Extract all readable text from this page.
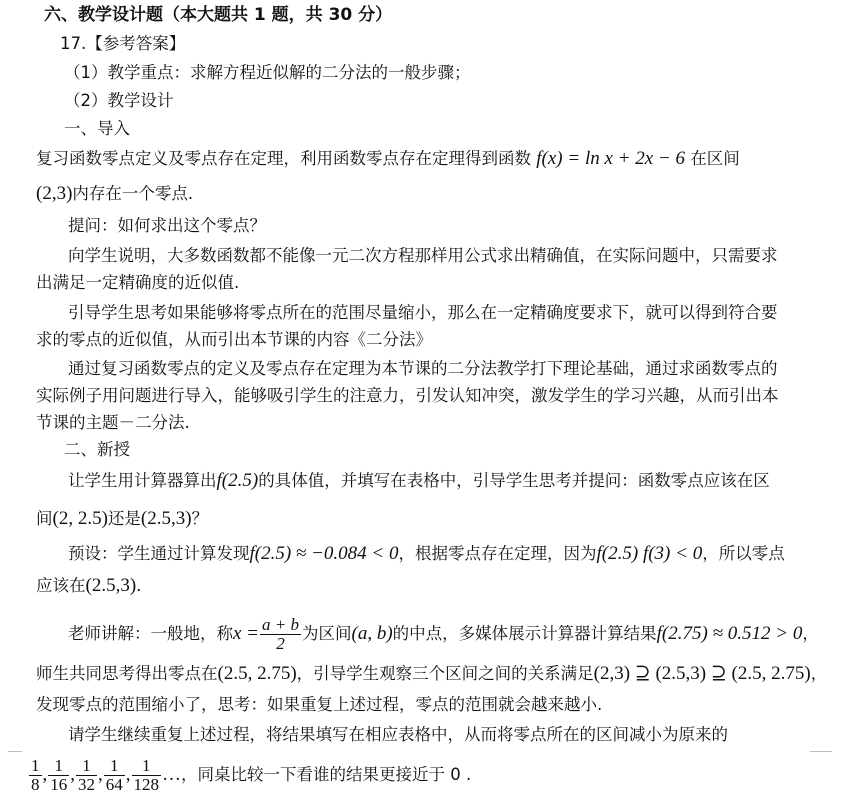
六、教学设计题（本大题共 1 题，共 30 分）
17.【参考答案】
（1）教学重点：求解方程近似解的二分法的一般步骤；
（2）教学设计
一、导入
复习函数零点定义及零点存在定理，利用函数零点存在定理得到函数 f(x) = ln x + 2x − 6 在区间
(2,3)内存在一个零点.
提问：如何求出这个零点？
向学生说明，大多数函数都不能像一元二次方程那样用公式求出精确值，在实际问题中，只需要求
出满足一定精确度的近似值.
引导学生思考如果能够将零点所在的范围尽量缩小，那么在一定精确度要求下，就可以得到符合要
求的零点的近似值，从而引出本节课的内容《二分法》
通过复习函数零点的定义及零点存在定理为本节课的二分法教学打下理论基础，通过求函数零点的
实际例子用问题进行导入，能够吸引学生的注意力，引发认知冲突，激发学生的学习兴趣，从而引出本
节课的主题－二分法.
二、新授
让学生用计算器算出f(2.5)的具体值，并填写在表格中，引导学生思考并提问：函数零点应该在区
间(2, 2.5)还是(2.5,3)？
预设：学生通过计算发现f(2.5) ≈ −0.084 < 0，根据零点存在定理，因为f(2.5) f(3) < 0，所以零点
应该在(2.5,3).
老师讲解：一般地，称$x = \frac{a + b}{2}$ 为区间(a, b)的中点，多媒体展示计算器计算结果f(2.75) ≈ 0.512 > 0，
师生共同思考得出零点在(2.5, 2.75)，引导学生观察三个区间之间的关系满足(2,3) ⊇ (2.5,3) ⊇ (2.5, 2.75)，
发现零点的范围缩小了，思考：如果重复上述过程，零点的范围就会越来越小.
请学生继续重复上述过程，将结果填写在相应表格中，从而将零点所在的区间减小为原来的
$\frac{1}{8}$ , $\frac{1}{16}$ , $\frac{1}{32}$ , $\frac{1}{64}$ , $\frac{1}{128}$ …，同桌比较一下看谁的结果更接近于 0 .
